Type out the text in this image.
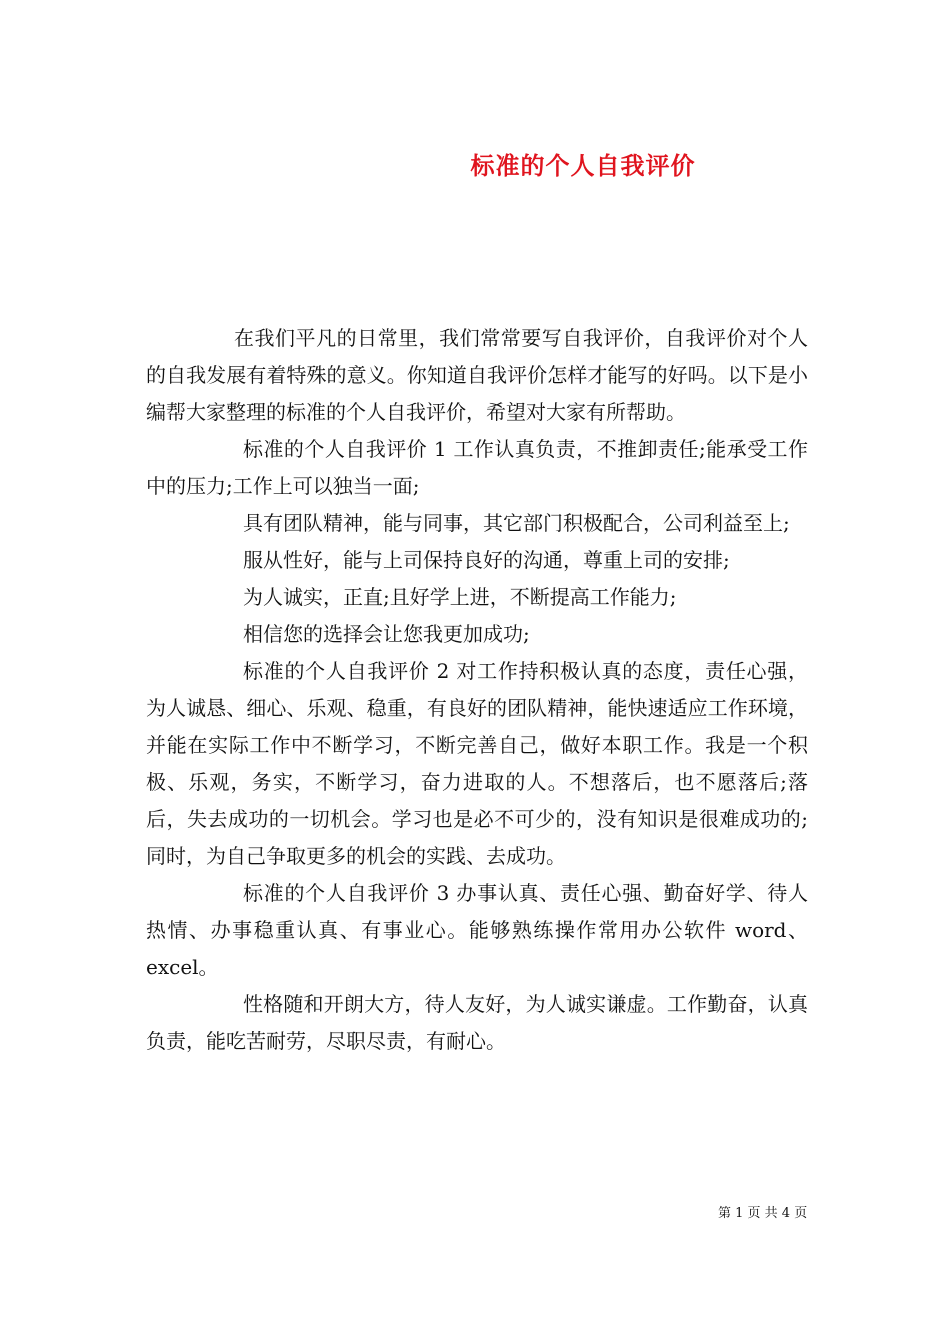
标准的个人自我评价

在我们平凡的日常里，我们常常要写自我评价，自我评价对个人的自我发展有着特殊的意义。你知道自我评价怎样才能写的好吗。以下是小编帮大家整理的标准的个人自我评价，希望对大家有所帮助。

标准的个人自我评价 1 工作认真负责，不推卸责任;能承受工作中的压力;工作上可以独当一面;

具有团队精神，能与同事，其它部门积极配合，公司利益至上;

服从性好，能与上司保持良好的沟通，尊重上司的安排;

为人诚实，正直;且好学上进，不断提高工作能力;

相信您的选择会让您我更加成功;

标准的个人自我评价 2 对工作持积极认真的态度，责任心强，为人诚恳、细心、乐观、稳重，有良好的团队精神，能快速适应工作环境，并能在实际工作中不断学习，不断完善自己，做好本职工作。我是一个积极、乐观，务实，不断学习，奋力进取的人。不想落后，也不愿落后;落后，失去成功的一切机会。学习也是必不可少的，没有知识是很难成功的;同时，为自己争取更多的机会的实践、去成功。

标准的个人自我评价 3 办事认真、责任心强、勤奋好学、待人热情、办事稳重认真、有事业心。能够熟练操作常用办公软件 word、excel。

性格随和开朗大方，待人友好，为人诚实谦虚。工作勤奋，认真负责，能吃苦耐劳，尽职尽责，有耐心。

第 1 页 共 4 页
